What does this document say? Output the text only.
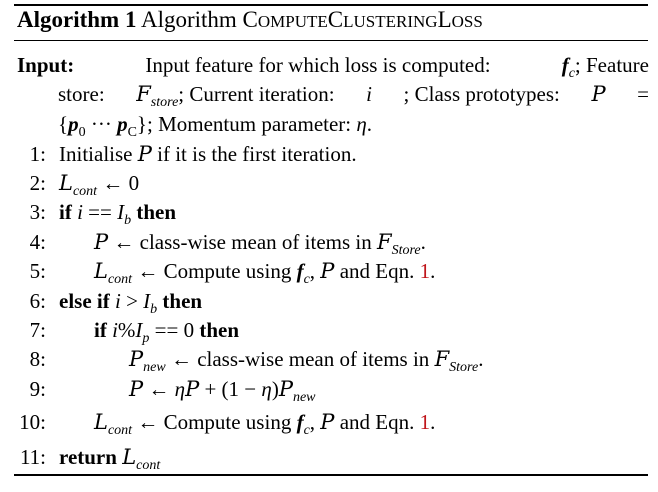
Algorithm 1 Algorithm COMPUTECLUSTERINGLOSS
Input:	Input feature for which loss is computed:	$f_c$; Feature
store: $F_{store}$; Current iteration: i ; Class prototypes: P =
{$p_0$ ··· $p_C$}; Momentum parameter: η.
1: Initialise P if it is the first iteration.
2: $L_{cont}$ ← 0
3: if $i == I_b$ then
4: P ← class-wise mean of items in $F_{Store}$.
5: $L_{cont}$ ← Compute using $f_c$, P and Eqn. 1.
6: else if $i > I_b$ then
7: if $i\%I_p == 0$ then
8:	$P_{new}$ ← class-wise mean of items in $F_{Store}$.
9:	P ← $\eta P + (1 - \eta)P_{new}$
10: $L_{cont}$ ← Compute using $f_c$, P and Eqn. 1.
11: return $L_{cont}$
